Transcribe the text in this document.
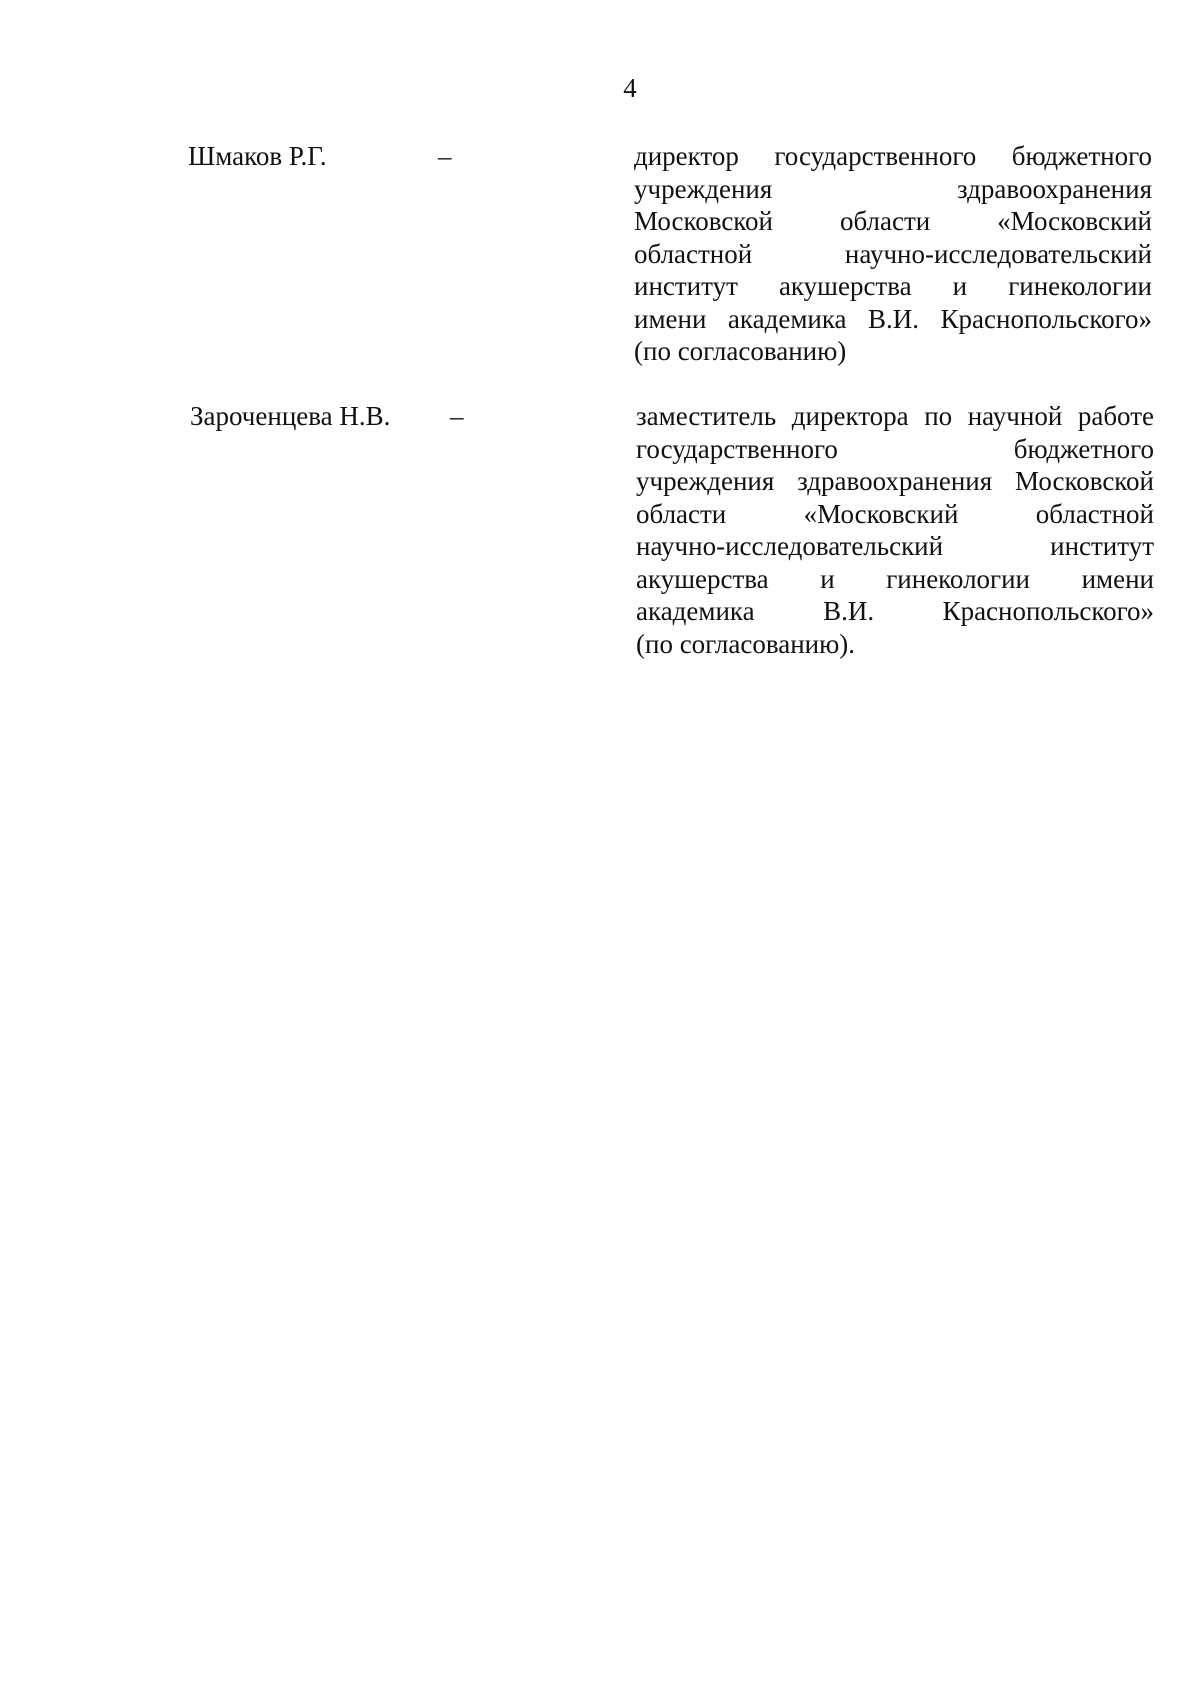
4
Шмаков Р.Г.	–	директор государственного бюджетного
учреждения здравоохранения
Московской области «Московский
областной научно-исследовательский
институт акушерства и гинекологии
имени академика В.И. Краснопольского»
(по согласованию)
Зароченцева Н.В. –	заместитель директора по научной работе
государственного бюджетного
учреждения здравоохранения Московской
области «Московский областной
научно-исследовательский институт
акушерства и гинекологии имени
академика В.И. Краснопольского»
(по согласованию).
